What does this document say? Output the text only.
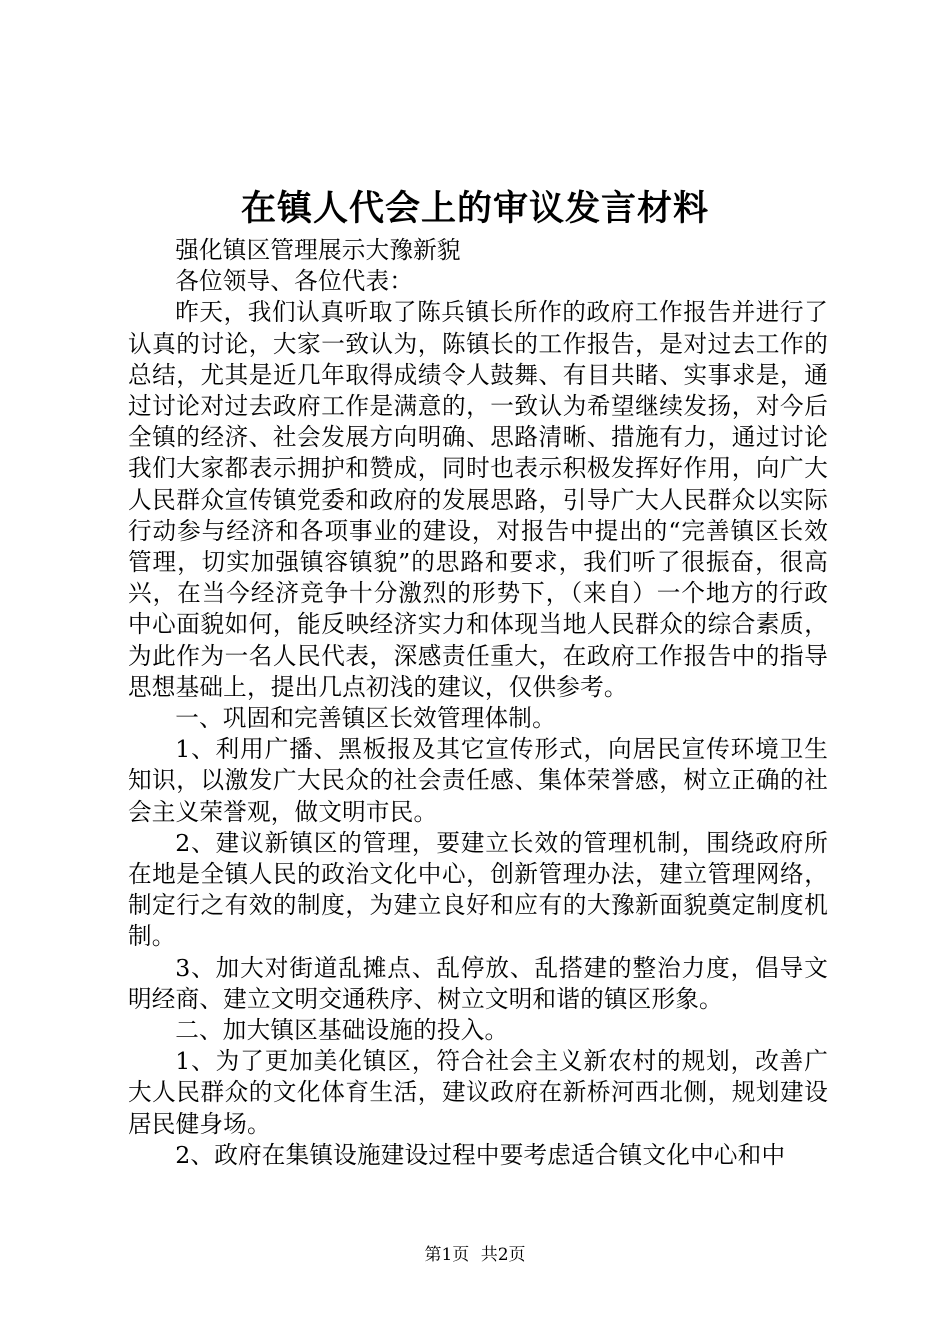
在镇人代会上的审议发言材料

强化镇区管理展示大豫新貌

各位领导、各位代表：

昨天，我们认真听取了陈兵镇长所作的政府工作报告并进行了认真的讨论，大家一致认为，陈镇长的工作报告，是对过去工作的总结，尤其是近几年取得成绩令人鼓舞、有目共睹、实事求是，通过讨论对过去政府工作是满意的，一致认为希望继续发扬，对今后全镇的经济、社会发展方向明确、思路清晰、措施有力，通过讨论我们大家都表示拥护和赞成，同时也表示积极发挥好作用，向广大人民群众宣传镇党委和政府的发展思路，引导广大人民群众以实际行动参与经济和各项事业的建设，对报告中提出的“完善镇区长效管理，切实加强镇容镇貌”的思路和要求，我们听了很振奋，很高兴，在当今经济竞争十分激烈的形势下，（来自）一个地方的行政中心面貌如何，能反映经济实力和体现当地人民群众的综合素质，为此作为一名人民代表，深感责任重大，在政府工作报告中的指导思想基础上，提出几点初浅的建议，仅供参考。

一、巩固和完善镇区长效管理体制。

1、利用广播、黑板报及其它宣传形式，向居民宣传环境卫生知识，以激发广大民众的社会责任感、集体荣誉感，树立正确的社会主义荣誉观，做文明市民。

2、建议新镇区的管理，要建立长效的管理机制，围绕政府所在地是全镇人民的政治文化中心，创新管理办法，建立管理网络，制定行之有效的制度，为建立良好和应有的大豫新面貌奠定制度机制。

3、加大对街道乱摊点、乱停放、乱搭建的整治力度，倡导文明经商、建立文明交通秩序、树立文明和谐的镇区形象。

二、加大镇区基础设施的投入。

1、为了更加美化镇区，符合社会主义新农村的规划，改善广大人民群众的文化体育生活，建议政府在新桥河西北侧，规划建设居民健身场。

2、政府在集镇设施建设过程中要考虑适合镇文化中心和中

第1页 共2页
